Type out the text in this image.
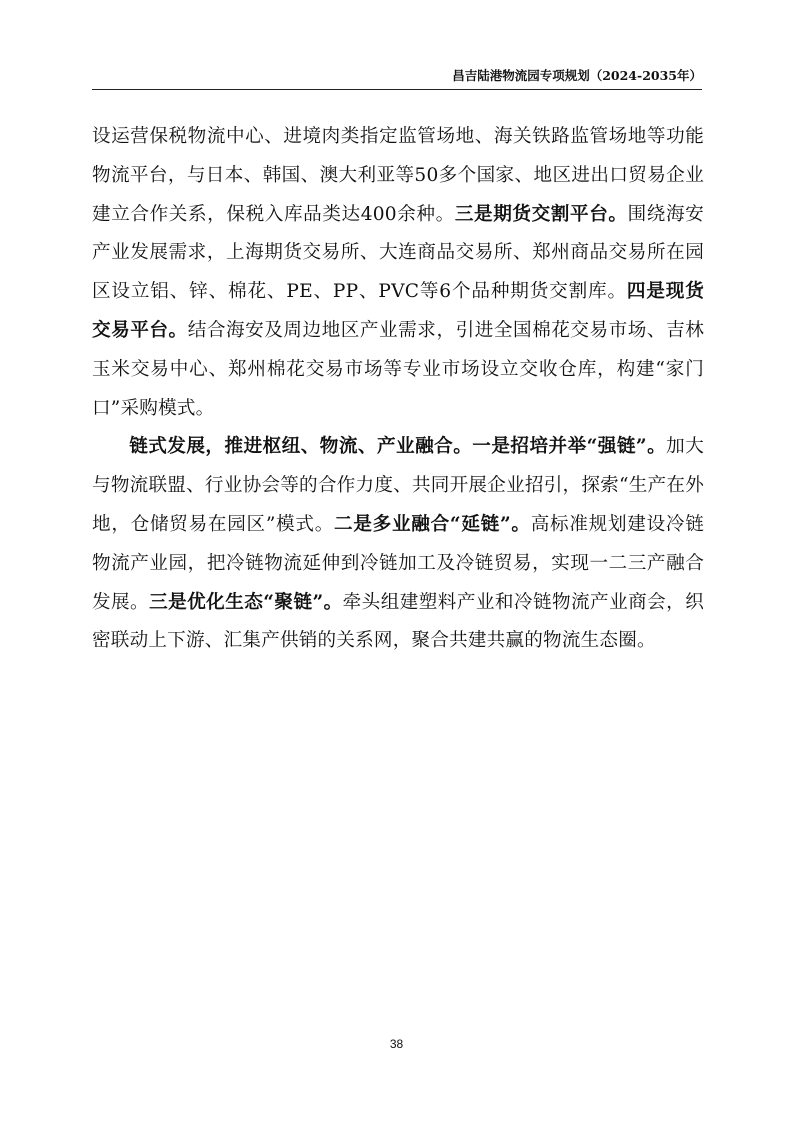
昌吉陆港物流园专项规划（2024-2035年）

设运营保税物流中心、进境肉类指定监管场地、海关铁路监管场地等功能物流平台，与日本、韩国、澳大利亚等50多个国家、地区进出口贸易企业建立合作关系，保税入库品类达400余种。三是期货交割平台。围绕海安产业发展需求，上海期货交易所、大连商品交易所、郑州商品交易所在园区设立铝、锌、棉花、PE、PP、PVC等6个品种期货交割库。四是现货交易平台。结合海安及周边地区产业需求，引进全国棉花交易市场、吉林玉米交易中心、郑州棉花交易市场等专业市场设立交收仓库，构建“家门口”采购模式。

链式发展，推进枢纽、物流、产业融合。一是招培并举“强链”。加大与物流联盟、行业协会等的合作力度、共同开展企业招引，探索“生产在外地，仓储贸易在园区”模式。二是多业融合“延链”。高标准规划建设冷链物流产业园，把冷链物流延伸到冷链加工及冷链贸易，实现一二三产融合发展。三是优化生态“聚链”。牵头组建塑料产业和冷链物流产业商会，织密联动上下游、汇集产供销的关系网，聚合共建共赢的物流生态圈。

38
